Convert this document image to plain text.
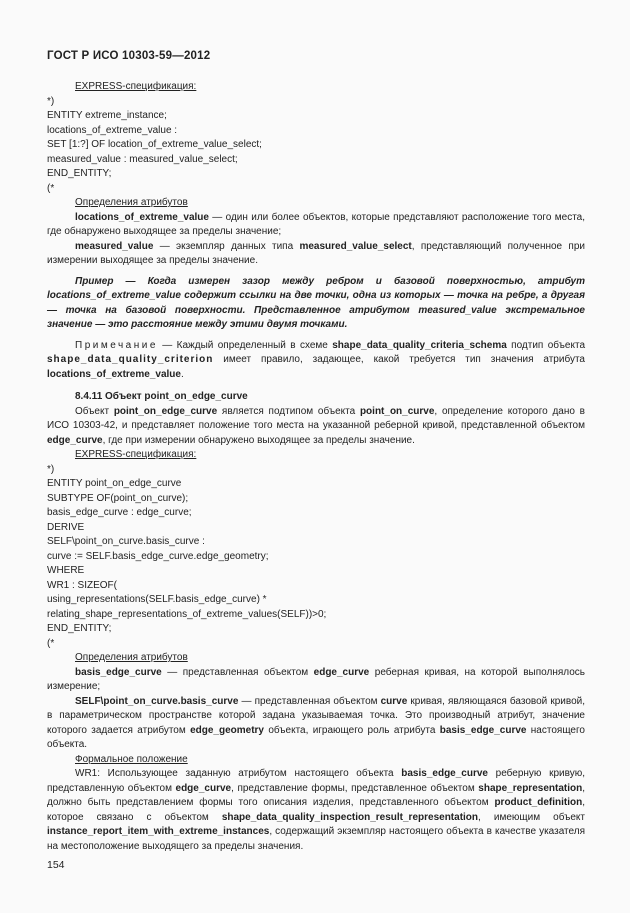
ГОСТ Р ИСО 10303-59—2012
EXPRESS-спецификация:
*)
ENTITY extreme_instance;
locations_of_extreme_value :
SET [1:?] OF location_of_extreme_value_select;
measured_value : measured_value_select;
END_ENTITY;
(*
Определения атрибутов
locations_of_extreme_value — один или более объектов, которые представляют расположение того места, где обнаружено выходящее за пределы значение;
measured_value — экземпляр данных типа measured_value_select, представляющий полученное при измерении выходящее за пределы значение.
Пример — Когда измерен зазор между ребром и базовой поверхностью, атрибут locations_of_extreme_value содержит ссылки на две точки, одна из которых — точка на ребре, а другая — точка на базовой поверхности. Представленное атрибутом measured_value экстремальное значение — это расстояние между этими двумя точками.
Примечание — Каждый определенный в схеме shape_data_quality_criteria_schema подтип объекта shape_data_quality_criterion имеет правило, задающее, какой требуется тип значения атрибута locations_of_extreme_value.
8.4.11 Объект point_on_edge_curve
Объект point_on_edge_curve является подтипом объекта point_on_curve, определение которого дано в ИСО 10303-42, и представляет положение того места на указанной реберной кривой, представленной объектом edge_curve, где при измерении обнаружено выходящее за пределы значение.
EXPRESS-спецификация:
*)
ENTITY point_on_edge_curve
SUBTYPE OF(point_on_curve);
basis_edge_curve : edge_curve;
DERIVE
SELF\point_on_curve.basis_curve :
curve := SELF.basis_edge_curve.edge_geometry;
WHERE
WR1 : SIZEOF(
using_representations(SELF.basis_edge_curve) *
relating_shape_representations_of_extreme_values(SELF))>0;
END_ENTITY;
(*
Определения атрибутов
basis_edge_curve — представленная объектом edge_curve реберная кривая, на которой выполнялось измерение;
SELF\point_on_curve.basis_curve — представленная объектом curve кривая, являющаяся базовой кривой, в параметрическом пространстве которой задана указываемая точка. Это производный атрибут, значение которого задается атрибутом edge_geometry объекта, играющего роль атрибута basis_edge_curve настоящего объекта.
Формальное положение
WR1: Использующее заданную атрибутом настоящего объекта basis_edge_curve реберную кривую, представленную объектом edge_curve, представление формы, представленное объектом shape_representation, должно быть представлением формы того описания изделия, представленного объектом product_definition, которое связано с объектом shape_data_quality_inspection_result_representation, имеющим объект instance_report_item_with_extreme_instances, содержащий экземпляр настоящего объекта в качестве указателя на местоположение выходящего за пределы значения.
154
